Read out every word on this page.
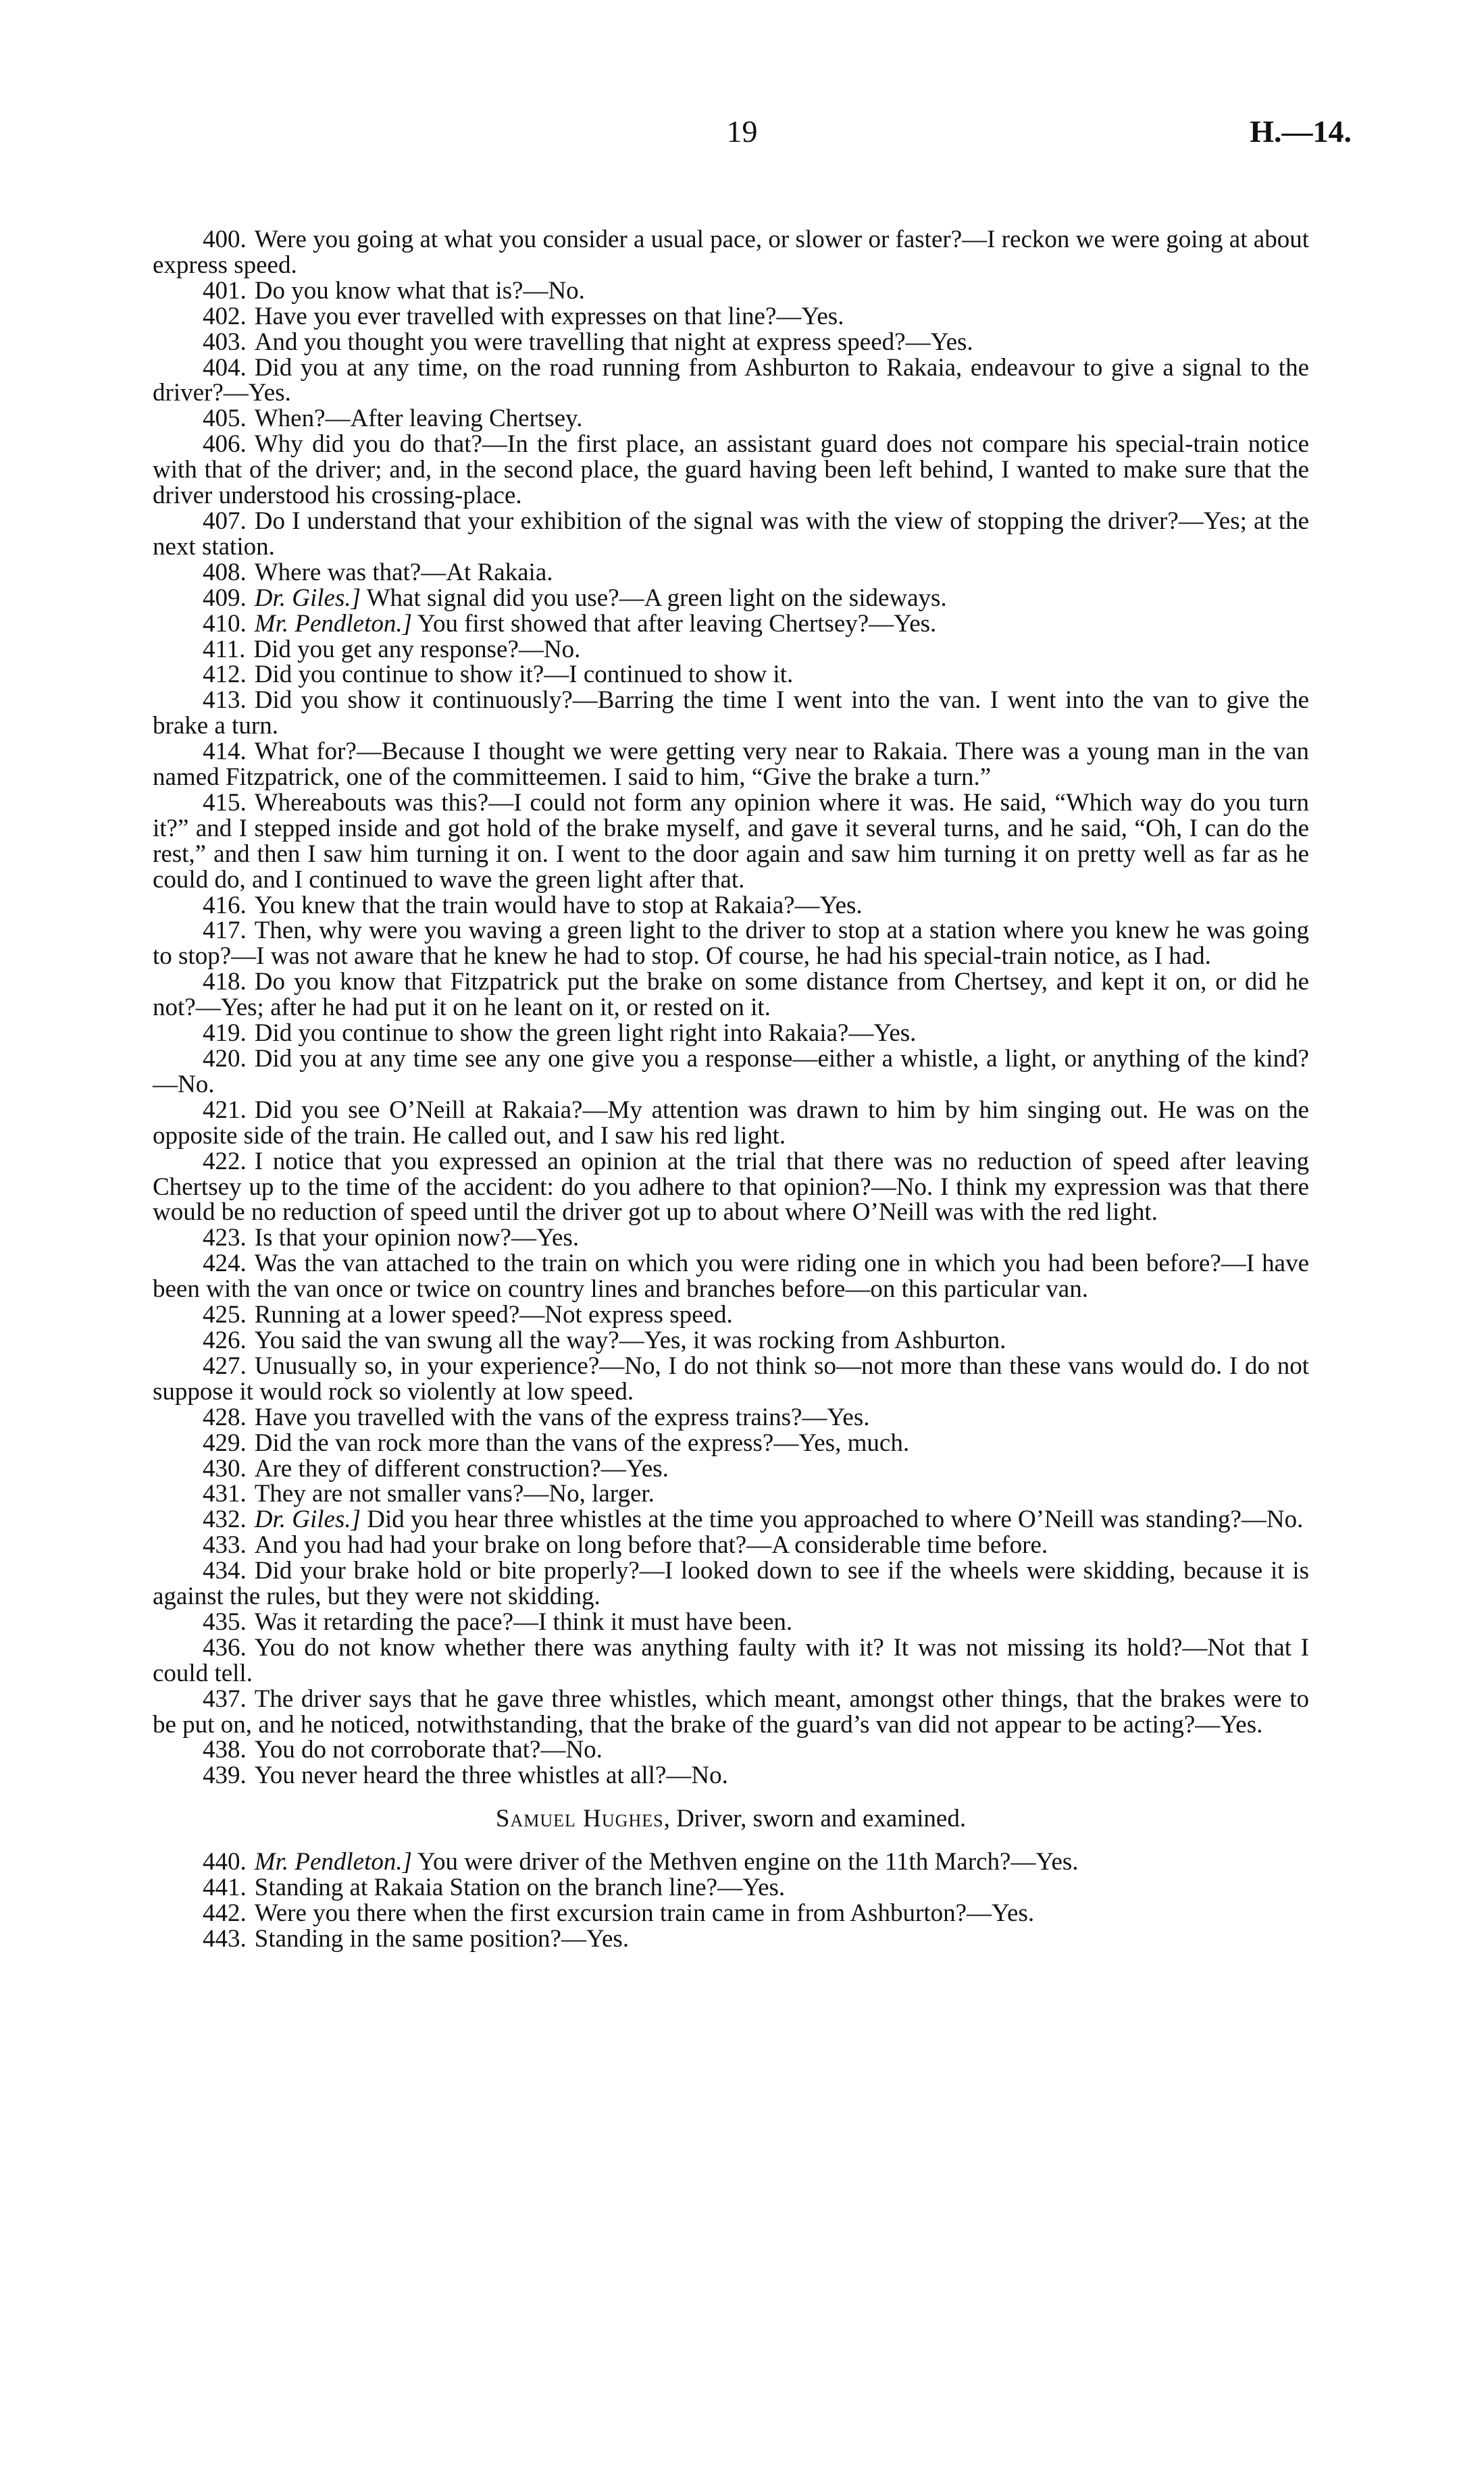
19	H.—14.

400. Were you going at what you consider a usual pace, or slower or faster?—I reckon we were going at about express speed.

401. Do you know what that is?—No.

402. Have you ever travelled with expresses on that line?—Yes.

403. And you thought you were travelling that night at express speed?—Yes.

404. Did you at any time, on the road running from Ashburton to Rakaia, endeavour to give a signal to the driver?—Yes.

405. When?—After leaving Chertsey.

406. Why did you do that?—In the first place, an assistant guard does not compare his special-train notice with that of the driver; and, in the second place, the guard having been left behind, I wanted to make sure that the driver understood his crossing-place.

407. Do I understand that your exhibition of the signal was with the view of stopping the driver?—Yes; at the next station.

408. Where was that?—At Rakaia.

409. Dr. Giles.] What signal did you use?—A green light on the sideways.

410. Mr. Pendleton.] You first showed that after leaving Chertsey?—Yes.

411. Did you get any response?—No.

412. Did you continue to show it?—I continued to show it.

413. Did you show it continuously?—Barring the time I went into the van. I went into the van to give the brake a turn.

414. What for?—Because I thought we were getting very near to Rakaia. There was a young man in the van named Fitzpatrick, one of the committeemen. I said to him, “Give the brake a turn.”

415. Whereabouts was this?—I could not form any opinion where it was. He said, “Which way do you turn it?” and I stepped inside and got hold of the brake myself, and gave it several turns, and he said, “Oh, I can do the rest,” and then I saw him turning it on. I went to the door again and saw him turning it on pretty well as far as he could do, and I continued to wave the green light after that.

416. You knew that the train would have to stop at Rakaia?—Yes.

417. Then, why were you waving a green light to the driver to stop at a station where you knew he was going to stop?—I was not aware that he knew he had to stop. Of course, he had his special-train notice, as I had.

418. Do you know that Fitzpatrick put the brake on some distance from Chertsey, and kept it on, or did he not?—Yes; after he had put it on he leant on it, or rested on it.

419. Did you continue to show the green light right into Rakaia?—Yes.

420. Did you at any time see any one give you a response—either a whistle, a light, or anything of the kind?—No.

421. Did you see O’Neill at Rakaia?—My attention was drawn to him by him singing out. He was on the opposite side of the train. He called out, and I saw his red light.

422. I notice that you expressed an opinion at the trial that there was no reduction of speed after leaving Chertsey up to the time of the accident: do you adhere to that opinion?—No. I think my expression was that there would be no reduction of speed until the driver got up to about where O’Neill was with the red light.

423. Is that your opinion now?—Yes.

424. Was the van attached to the train on which you were riding one in which you had been before?—I have been with the van once or twice on country lines and branches before—on this particular van.

425. Running at a lower speed?—Not express speed.

426. You said the van swung all the way?—Yes, it was rocking from Ashburton.

427. Unusually so, in your experience?—No, I do not think so—not more than these vans would do. I do not suppose it would rock so violently at low speed.

428. Have you travelled with the vans of the express trains?—Yes.

429. Did the van rock more than the vans of the express?—Yes, much.

430. Are they of different construction?—Yes.

431. They are not smaller vans?—No, larger.

432. Dr. Giles.] Did you hear three whistles at the time you approached to where O’Neill was standing?—No.

433. And you had had your brake on long before that?—A considerable time before.

434. Did your brake hold or bite properly?—I looked down to see if the wheels were skidding, because it is against the rules, but they were not skidding.

435. Was it retarding the pace?—I think it must have been.

436. You do not know whether there was anything faulty with it? It was not missing its hold?—Not that I could tell.

437. The driver says that he gave three whistles, which meant, amongst other things, that the brakes were to be put on, and he noticed, notwithstanding, that the brake of the guard’s van did not appear to be acting?—Yes.

438. You do not corroborate that?—No.

439. You never heard the three whistles at all?—No.

Samuel Hughes, Driver, sworn and examined.

440. Mr. Pendleton.] You were driver of the Methven engine on the 11th March?—Yes.

441. Standing at Rakaia Station on the branch line?—Yes.

442. Were you there when the first excursion train came in from Ashburton?—Yes.

443. Standing in the same position?—Yes.
